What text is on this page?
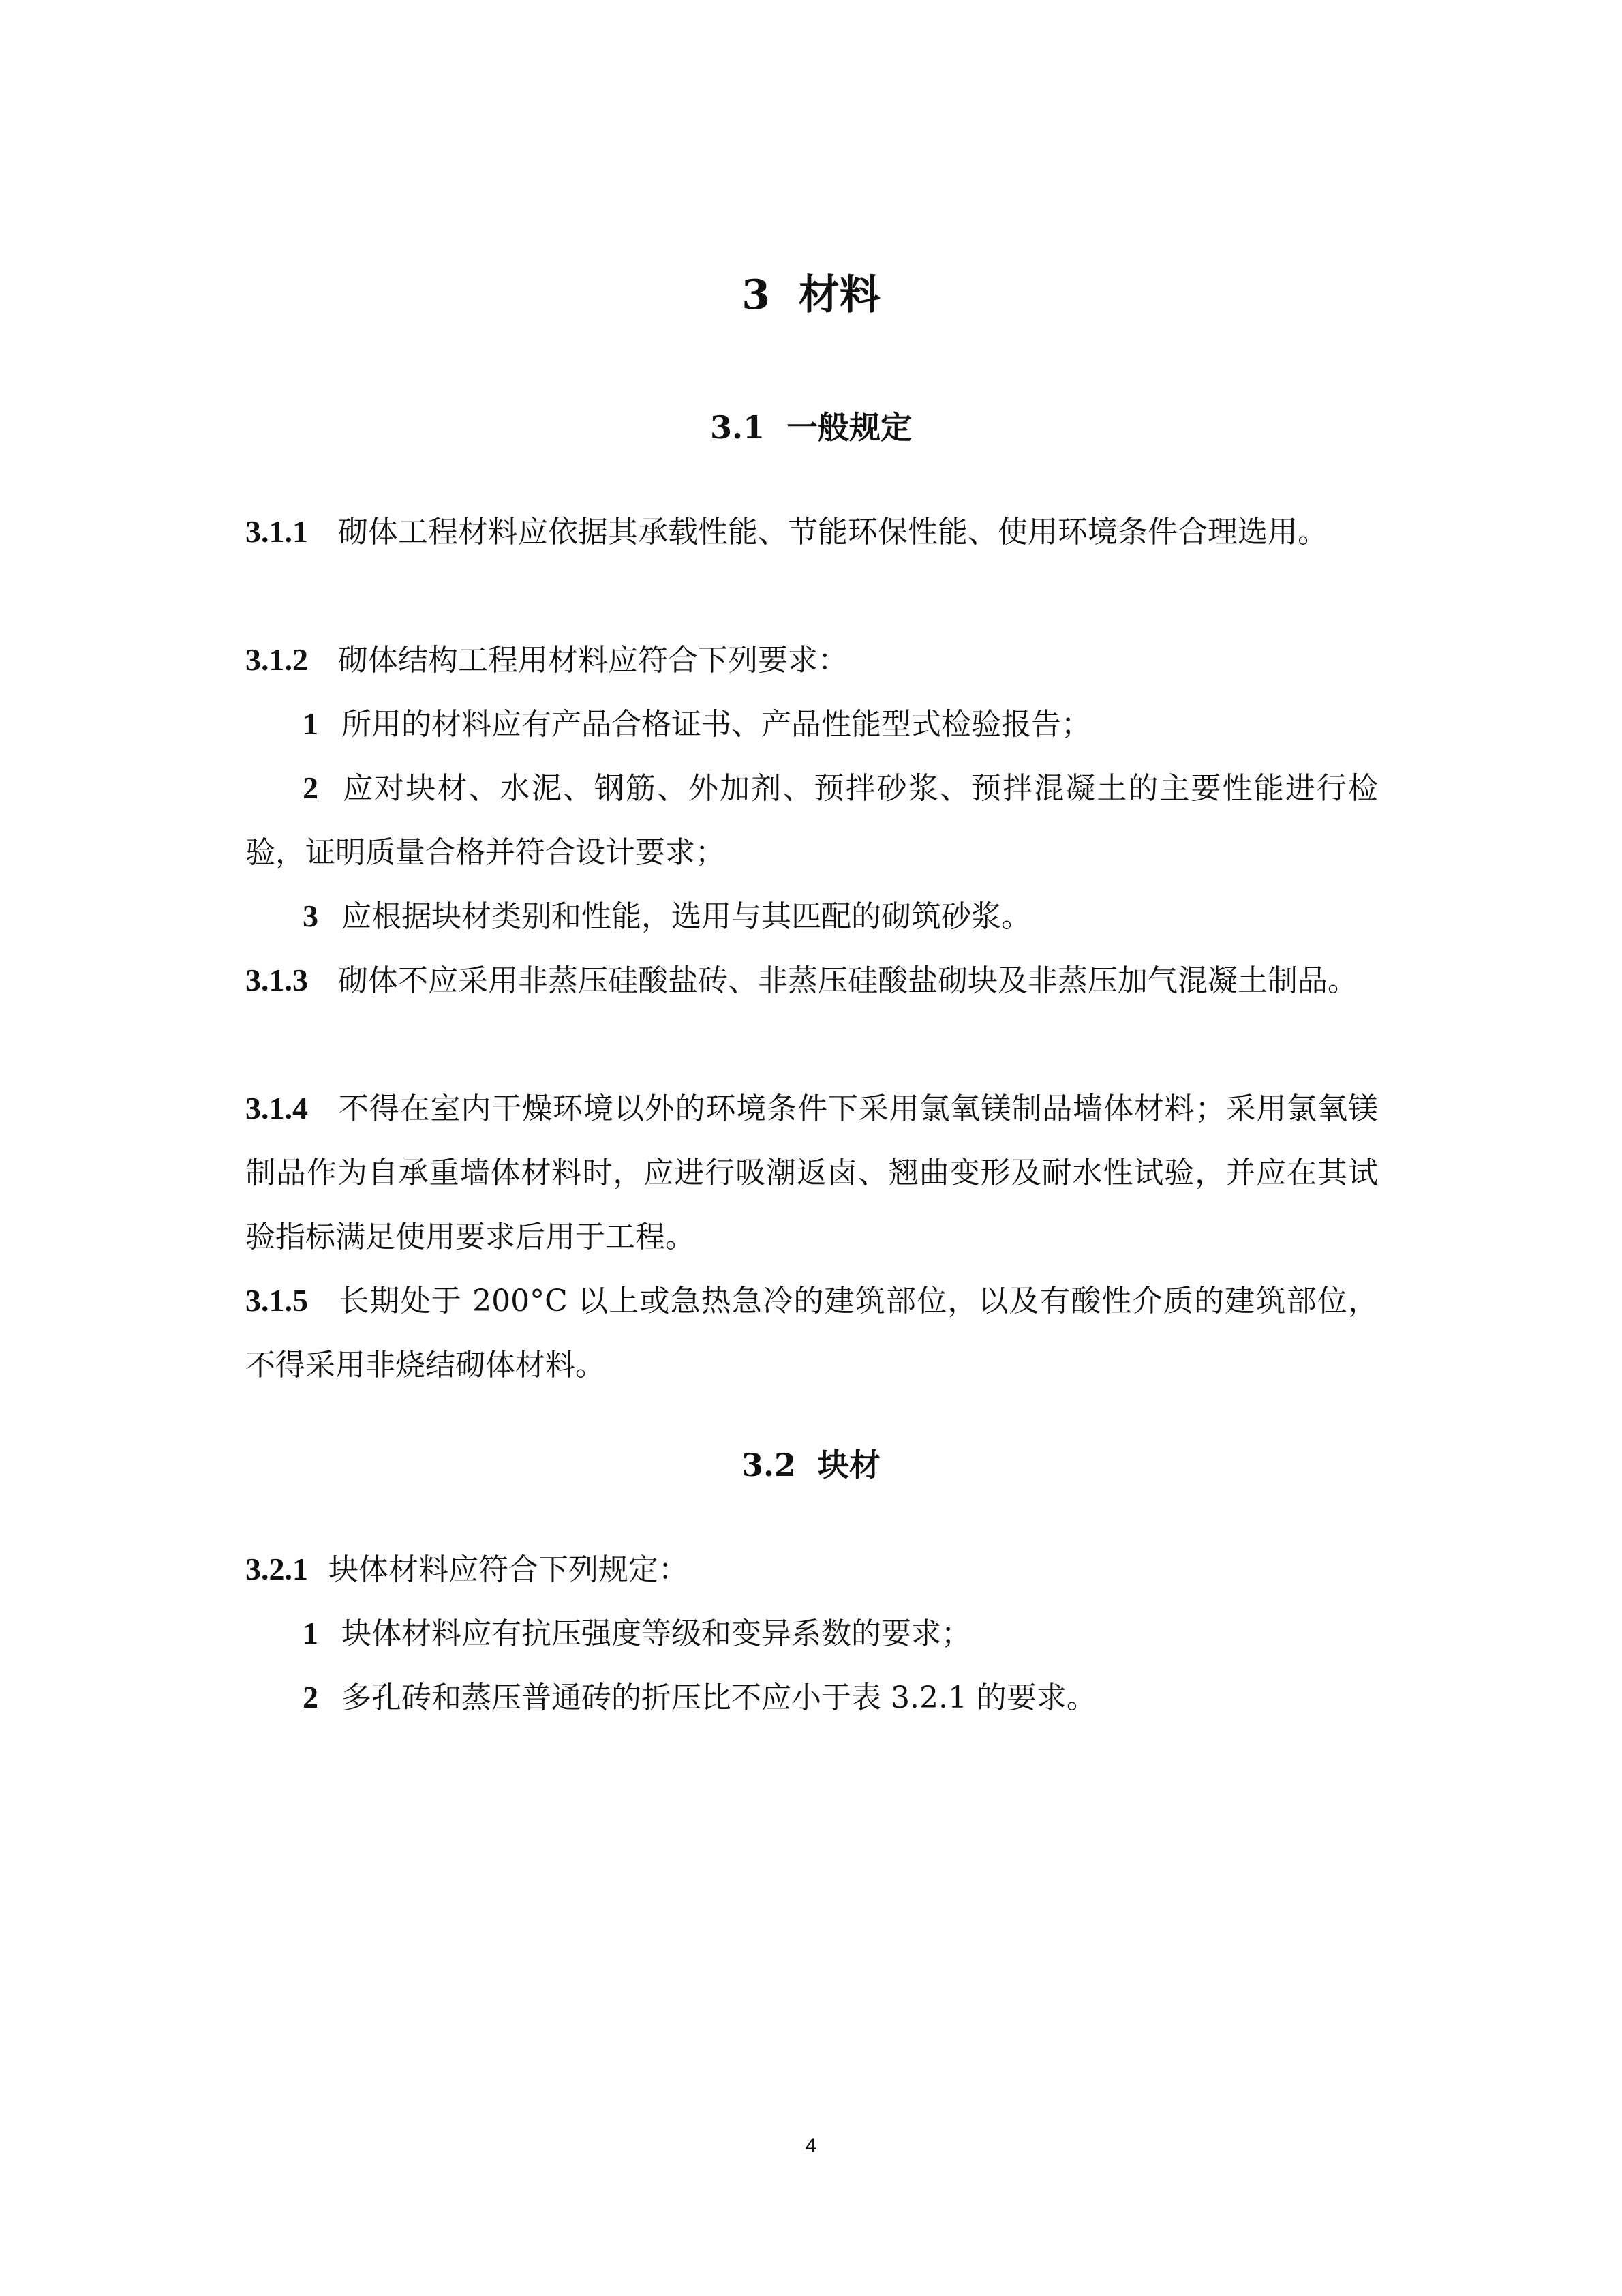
3 材料
3.1 一般规定
3.1.1 砌体工程材料应依据其承载性能、节能环保性能、使用环境条件合理选用。
3.1.2 砌体结构工程用材料应符合下列要求：
1 所用的材料应有产品合格证书、产品性能型式检验报告；
2 应对块材、水泥、钢筋、外加剂、预拌砂浆、预拌混凝土的主要性能进行检验，证明质量合格并符合设计要求；
3 应根据块材类别和性能，选用与其匹配的砌筑砂浆。
3.1.3 砌体不应采用非蒸压硅酸盐砖、非蒸压硅酸盐砌块及非蒸压加气混凝土制品。
3.1.4 不得在室内干燥环境以外的环境条件下采用氯氧镁制品墙体材料；采用氯氧镁制品作为自承重墙体材料时，应进行吸潮返卤、翘曲变形及耐水性试验，并应在其试验指标满足使用要求后用于工程。
3.1.5 长期处于 200°C 以上或急热急冷的建筑部位，以及有酸性介质的建筑部位，不得采用非烧结砌体材料。
3.2 块材
3.2.1 块体材料应符合下列规定：
1 块体材料应有抗压强度等级和变异系数的要求；
2 多孔砖和蒸压普通砖的折压比不应小于表 3.2.1 的要求。
4
